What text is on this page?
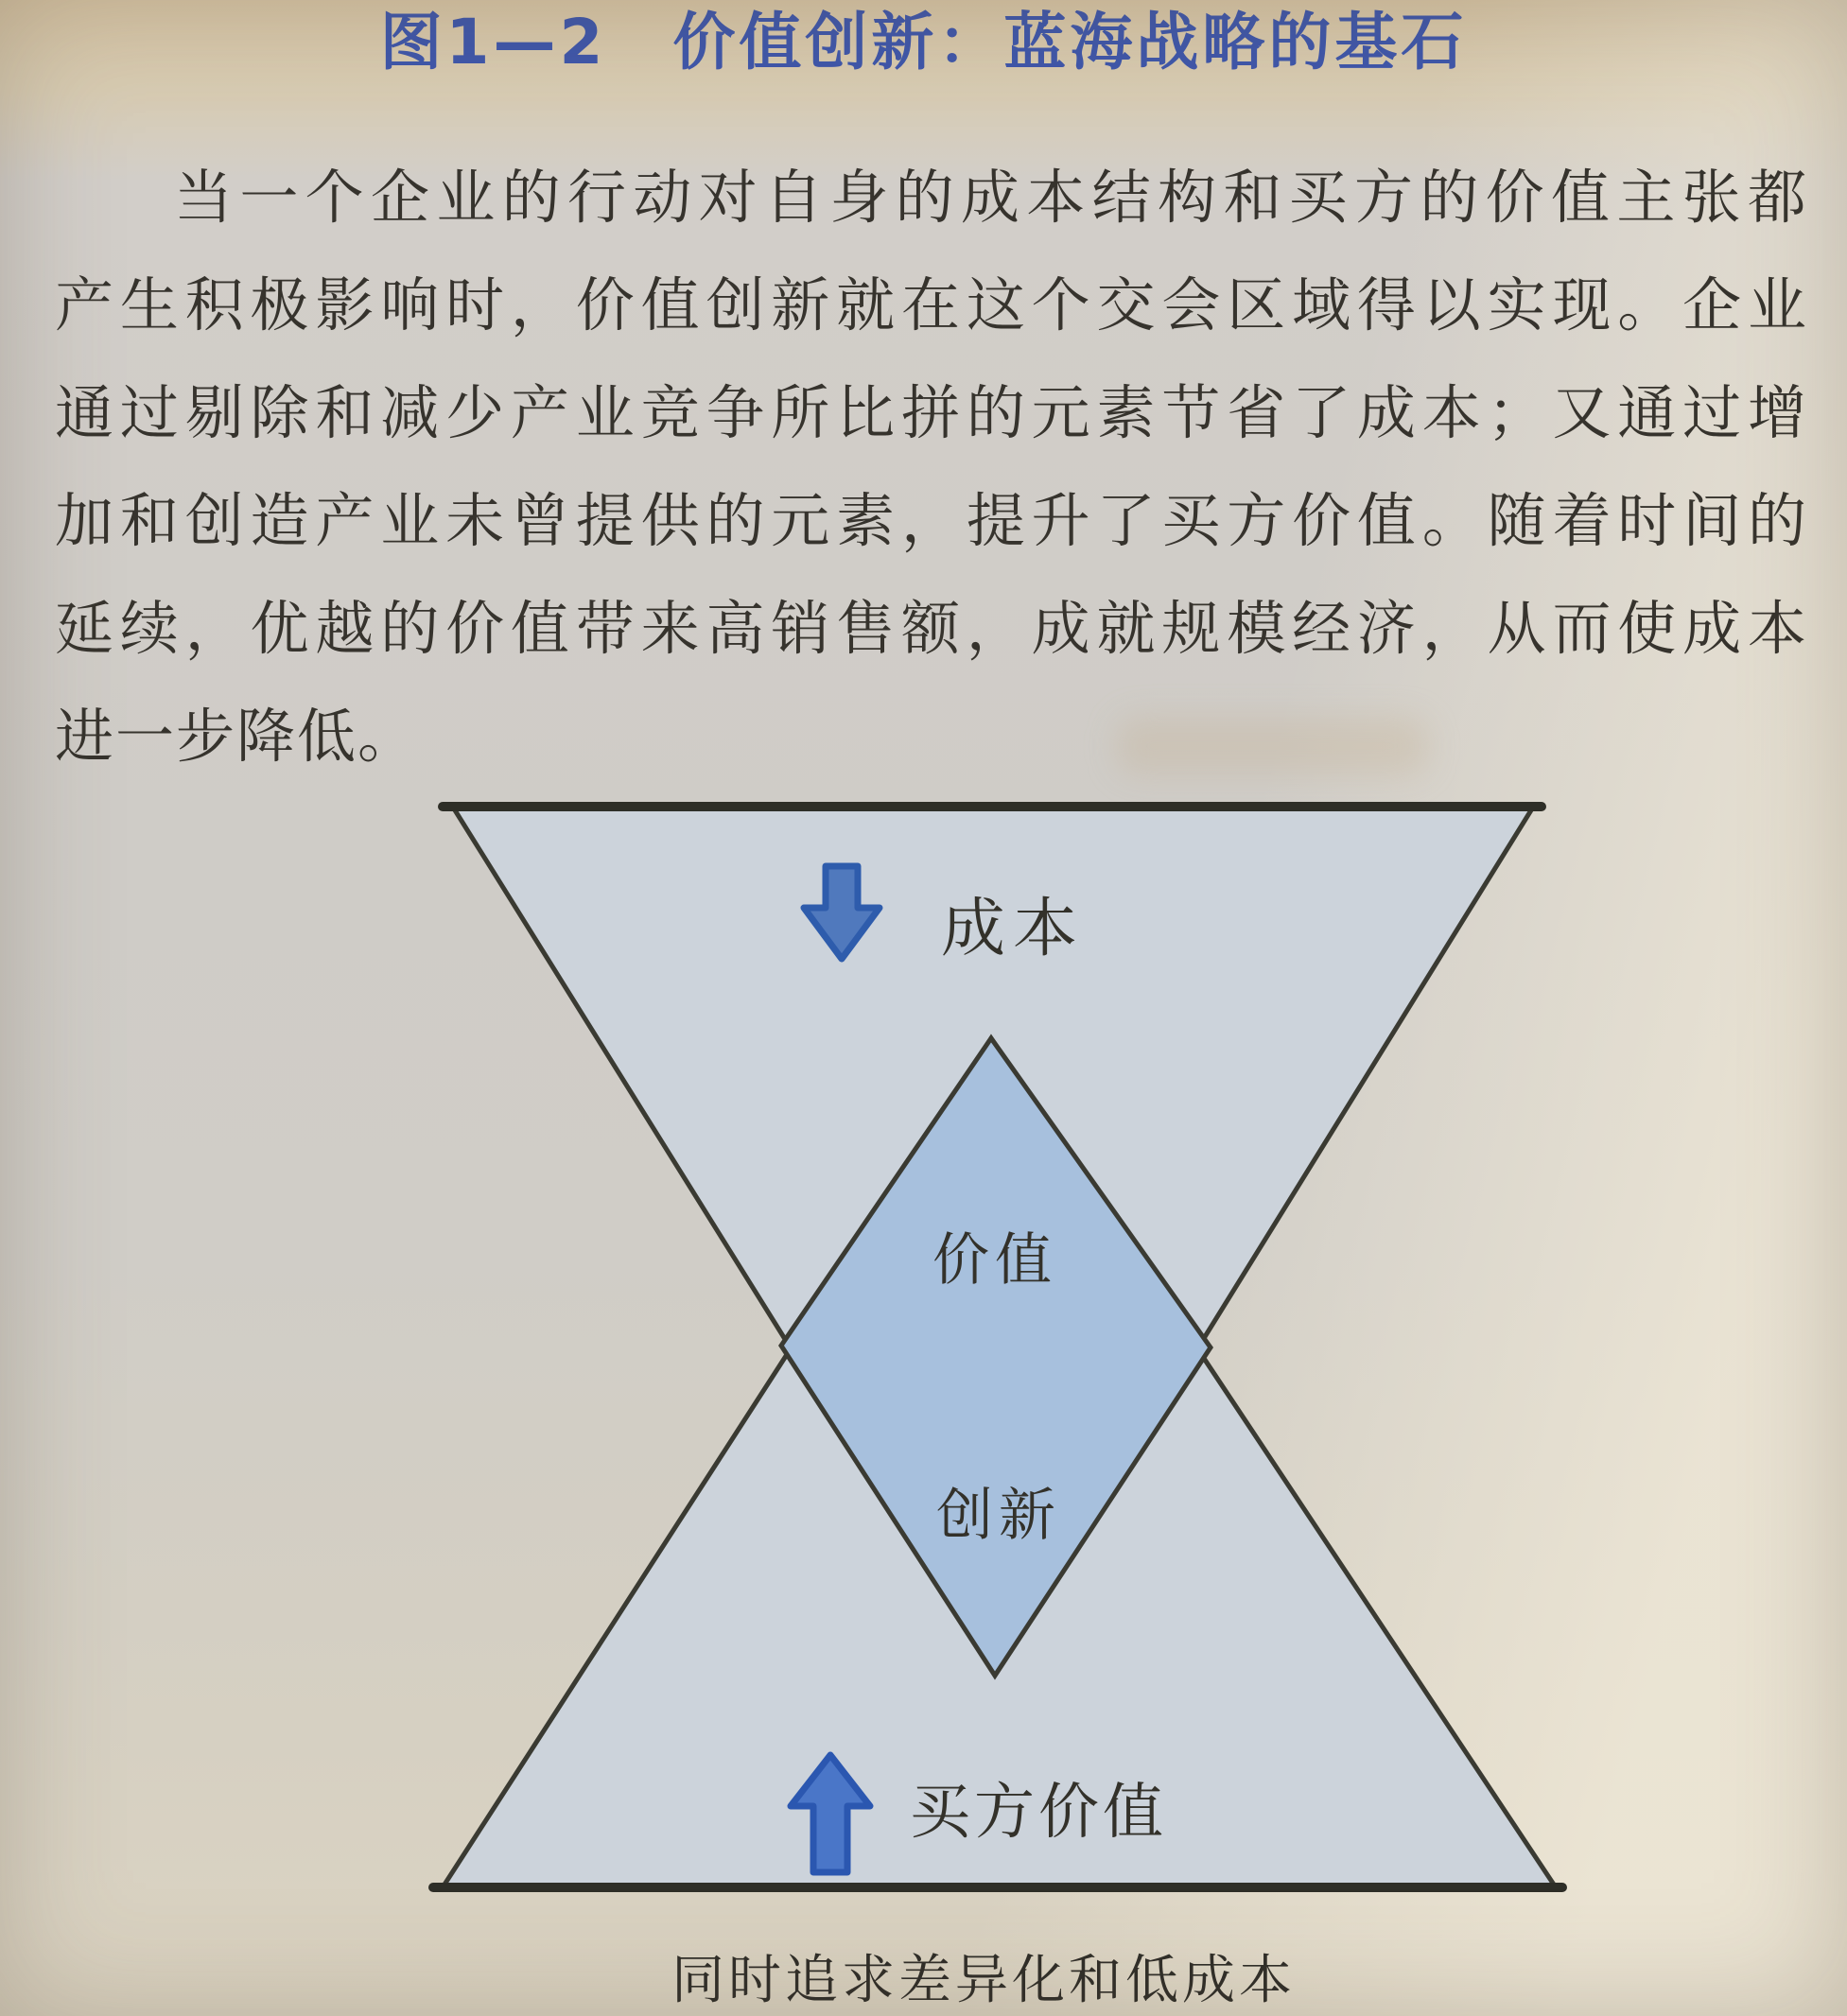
图1—2　价值创新：蓝海战略的基石
当一个企业的行动对自身的成本结构和买方的价值主张都
产生积极影响时，价值创新就在这个交会区域得以实现。企业
通过剔除和减少产业竞争所比拼的元素节省了成本；又通过增
加和创造产业未曾提供的元素，提升了买方价值。随着时间的
延续，优越的价值带来高销售额，成就规模经济，从而使成本
进一步降低。
成本
价值
创新
买方价值
同时追求差异化和低成本
